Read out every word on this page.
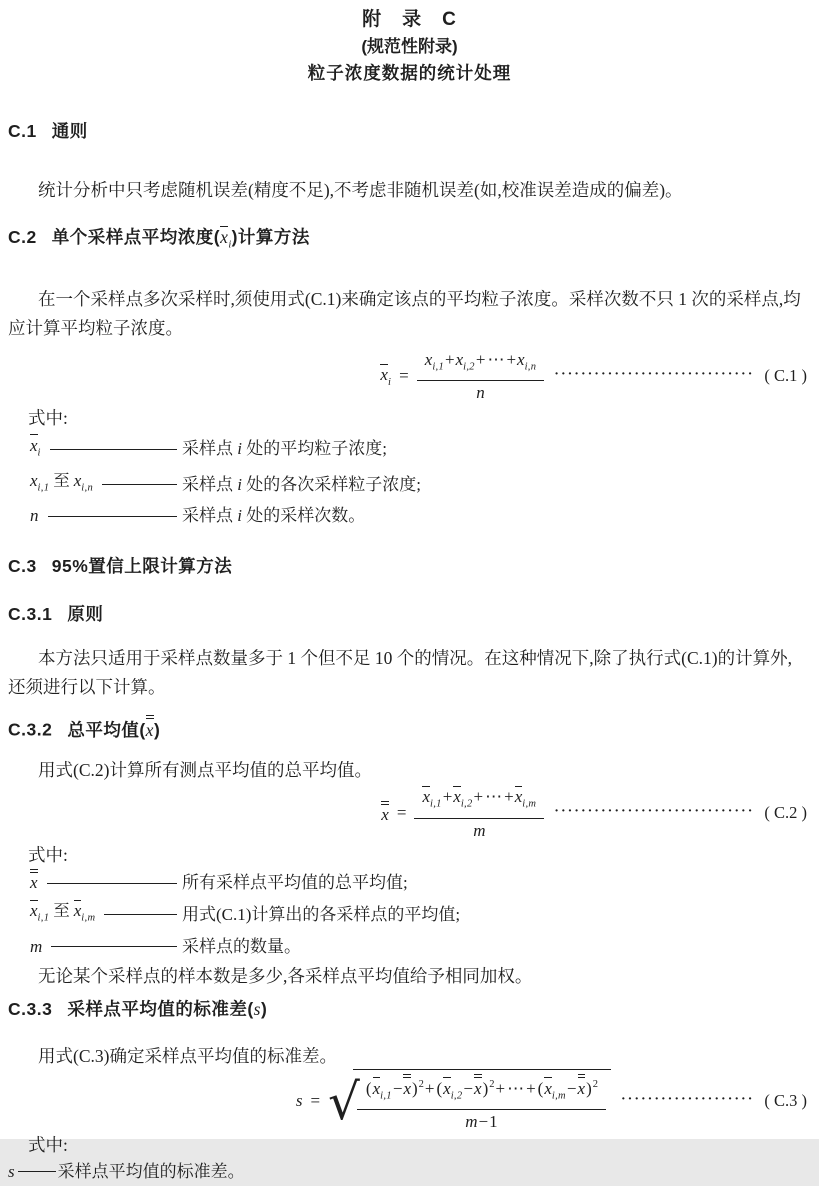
附　录　C
(规范性附录)
粒子浓度数据的统计处理
C.1 通则

统计分析中只考虑随机误差(精度不足),不考虑非随机误差(如,校准误差造成的偏差)。

C.2 单个采样点平均浓度$(x_i)$计算方法

在一个采样点多次采样时,须使用式(C.1)来确定该点的平均粒子浓度。采样次数不只 1 次的采样点,均应计算平均粒子浓度。

$x_i = \frac{x_{i,1}+x_{i,2}+ \cdots +x_{i,n}}{n}$ ······························ ( C.1 )

式中:

$x_i$	采样点 i 处的平均粒子浓度;
$x_{i,1}$ 至 $x_{i,n}$	采样点 i 处的各次采样粒子浓度;
n	采样点 i 处的采样次数。
C.3 95%置信上限计算方法
C.3.1 原则

本方法只适用于采样点数量多于 1 个但不足 10 个的情况。在这种情况下,除了执行式(C.1)的计算外,还须进行以下计算。

C.3.2 总平均值(x)

用式(C.2)计算所有测点平均值的总平均值。

$x = \frac{x_{i,1}+x_{i,2}+ \cdots +x_{i,m}}{m}$ ······························ ( C.2 )

式中:

x	所有采样点平均值的总平均值;
$x_{i,1}$ 至 $x_{i,m}$	用式(C.1)计算出的各采样点的平均值;
m	采样点的数量。

无论某个采样点的样本数是多少,各采样点平均值给予相同加权。

C.3.3 采样点平均值的标准差(s)

用式(C.3)确定采样点平均值的标准差。

s = √
$\frac{(x_{i,1}-x)^2+ (x_{i,2}-x)^2+ \cdots + (x_{i,m}-x)^2}{m-1}$ ···················· ( C.3 )

式中:

s	采样点平均值的标准差。
